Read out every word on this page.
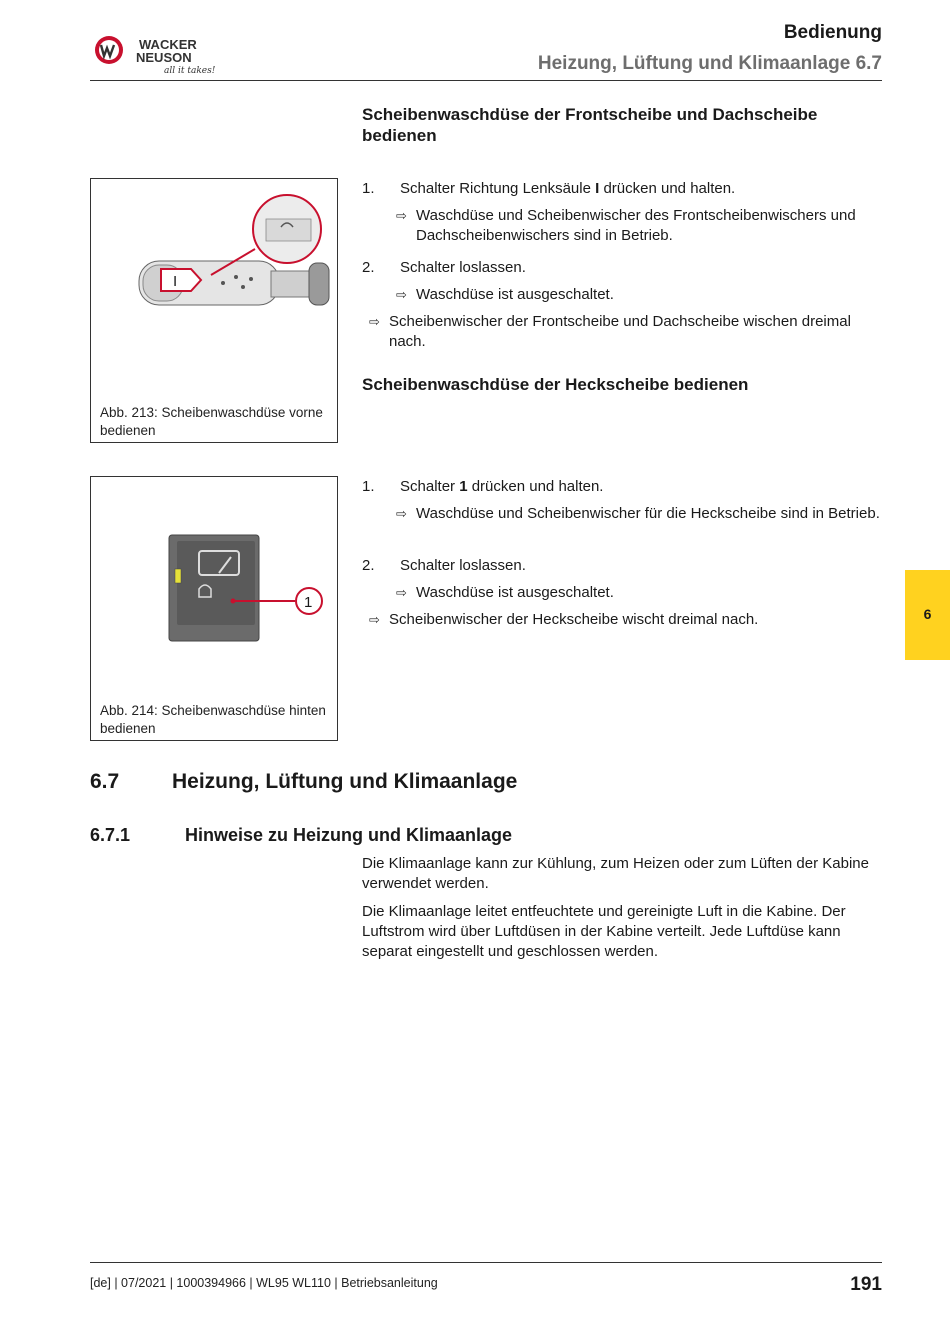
WACKER
NEUSON
all it takes!
Bedienung
Heizung, Lüftung und Klimaanlage 6.7
Scheibenwaschdüse der Frontscheibe und Dachscheibe bedienen
I
Abb. 213: Scheibenwaschdüse vorne bedienen
1. Schalter Richtung Lenksäule I drücken und halten.
⇨ Waschdüse und Scheibenwischer des Frontscheibenwischers und Dachscheibenwischers sind in Betrieb.
2. Schalter loslassen.
⇨ Waschdüse ist ausgeschaltet.
⇨ Scheibenwischer der Frontscheibe und Dachscheibe wischen dreimal nach.
Scheibenwaschdüse der Heckscheibe bedienen
1
Abb. 214: Scheibenwaschdüse hinten bedienen
1. Schalter 1 drücken und halten.
⇨ Waschdüse und Scheibenwischer für die Heckscheibe sind in Betrieb.
2. Schalter loslassen.
⇨ Waschdüse ist ausgeschaltet.
⇨ Scheibenwischer der Heckscheibe wischt dreimal nach.	6
6.7	Heizung, Lüftung und Klimaanlage
6.7.1	Hinweise zu Heizung und Klimaanlage
Die Klimaanlage kann zur Kühlung, zum Heizen oder zum Lüften der Kabine verwendet werden.
Die Klimaanlage leitet entfeuchtete und gereinigte Luft in die Kabine. Der Luftstrom wird über Luftdüsen in der Kabine verteilt. Jede Luftdüse kann separat eingestellt und geschlossen werden.
[de] | 07/2021 | 1000394966 | WL95 WL110 | Betriebsanleitung	191
